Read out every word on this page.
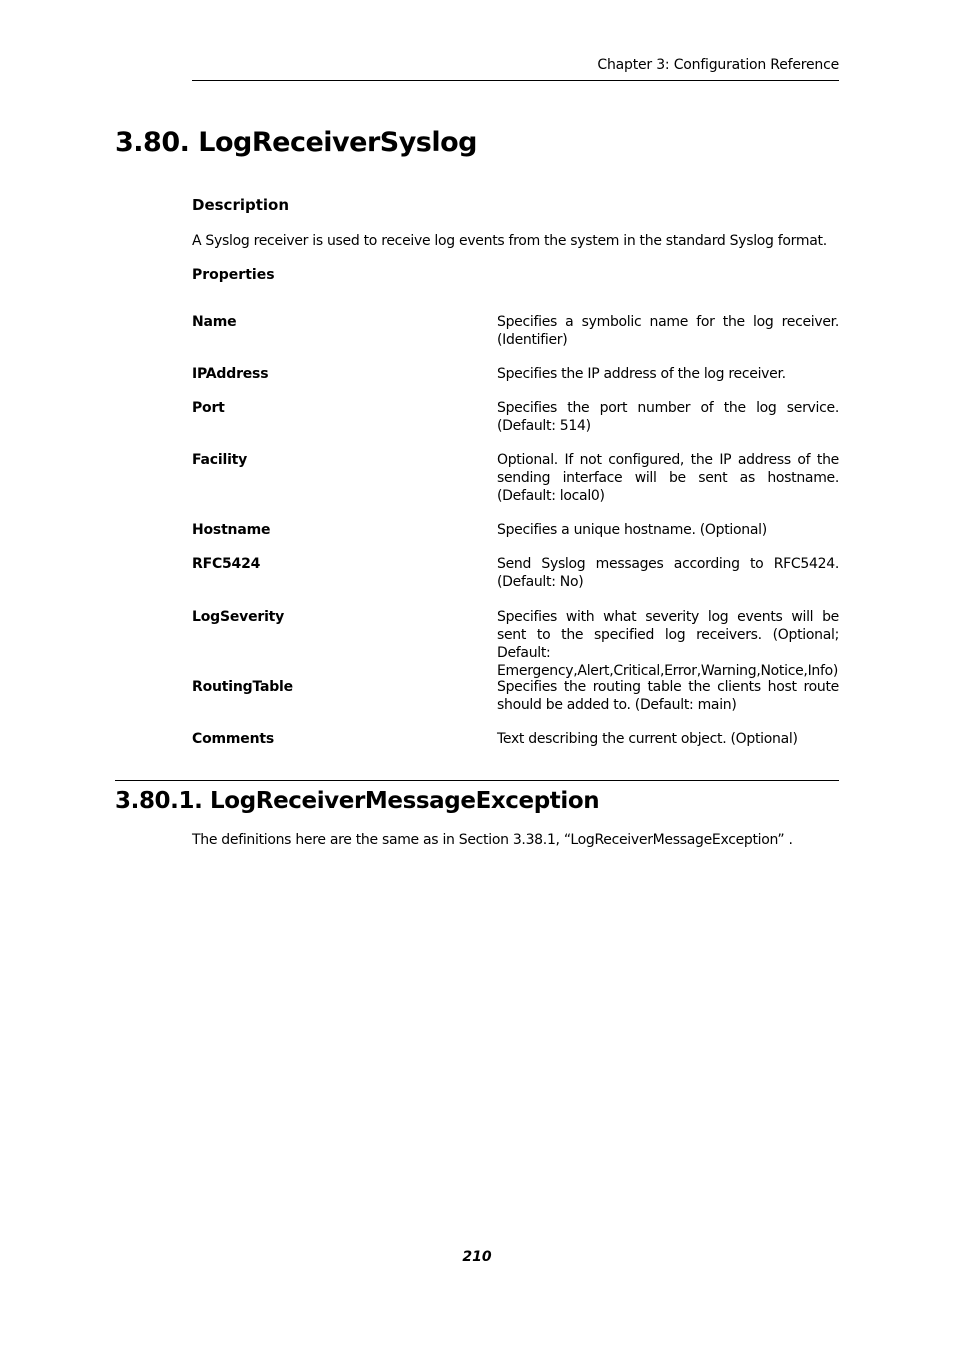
Chapter 3: Configuration Reference
3.80. LogReceiverSyslog
Description

A Syslog receiver is used to receive log events from the system in the standard Syslog format.

Properties
Name	Specifies a symbolic name for the log receiver. (Identifier)
IPAddress	Specifies the IP address of the log receiver.
Port	Specifies the port number of the log service. (Default: 514)
Facility	Optional. If not configured, the IP address of the sending interface will be sent as hostname. (Default: local0)
Hostname	Specifies a unique hostname. (Optional)
RFC5424	Send Syslog messages according to RFC5424. (Default: No)
LogSeverity	Specifies with what severity log events will be sent to the specified log receivers. (Optional; Default: Emergency,Alert,Critical,Error,Warning,Notice,Info)
RoutingTable	Specifies the routing table the clients host route should be added to. (Default: main)
Comments	Text describing the current object. (Optional)
3.80.1. LogReceiverMessageException

The definitions here are the same as in Section 3.38.1, “LogReceiverMessageException” .

210
